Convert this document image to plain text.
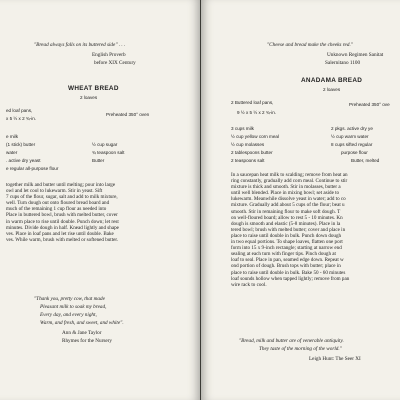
"Bread always falls on its buttered side" . . .
English Proverb
before XIX Century
WHEAT BREAD
2 loaves
ed loaf pans,
Preheated 350° oven
x 5 ½ x 2 ¾-in.
e milk
(1 stick) butter
water
. active dry yeast
e regular all-purpose flour
½ cup sugar
¾ teaspoon salt
Butter
together milk and butter until melting; pour into large
owl and let cool to lukewarm. Stir in yeast. Sift
7 cups of the flour, sugar, salt and add to milk mixture,
well. Turn dough out onto floured bread board and
much of the remaining 1 cup flour as needed into
Place in buttered bowl, brush with melted butter, cover
in warm place to rise until double. Punch down; let rest
minutes. Divide dough in half. Knead lightly and shape
ves. Place in loaf pans and let rise until double. Bake
ves. While warm, brush with melted or softened butter.
"Thank you, pretty cow, that made
Pleasant milk to soak my bread,
Every day, and every night,
Warm, and fresh, and sweet, and white".
Ann & Jane Taylor
Rhymes for the Nursery
"Cheese and bread make the cheeks red."
Unknown Regimen Sanitat
Salernitano 1100
ANADAMA BREAD
2 loaves
2 Buttered loaf pans,	Preheated 350° ove
9 ½ x 5 ½ x 2 ¾-in.
3 cups milk
½ cup yellow corn meal
½ cup molasses
2 tablespoons butter
2 teaspoons salt
2 pkgs. active dry ye
½ cup warm water
8 cups sifted regular
purpose flour
Butter, melted
In a saucepan heat milk to scalding; remove from heat an
ring constantly, gradually add corn meal. Continue to stir
mixture is thick and smooth. Stir in molasses, butter a
until well blended. Place in mixing bowl; set aside to
lukewarm. Meanwhile dissolve yeast in water; add to co
mixture. Gradually add about 5 cups of the flour; beat u
smooth. Stir in remaining flour to make soft dough. T
on well-floured board; allow to rest 5 - 10 minutes. Kn
dough is smooth and elastic (5-8 minutes). Place in la
tered bowl; brush with melted butter; cover and place in
place to raise until double in bulk. Punch down dough
in two equal portions. To shape loaves, flatten one port
form into 15 x 9-inch rectangle; starting at narrow end
sealing at each turn with finger tips. Pinch dough at
loaf to seal. Place in pan, seamed edge down. Repeat w
ond portion of dough. Brush tops with butter; place in
place to raise until double in bulk. Bake 50 - 60 minutes
loaf sounds hollow when tapped lightly; remove from pan
wire rack to cool.
"Bread, milk and butter are of venerable antiquity.
They taste of the morning of the world."
Leigh Hunt: The Seer XI
